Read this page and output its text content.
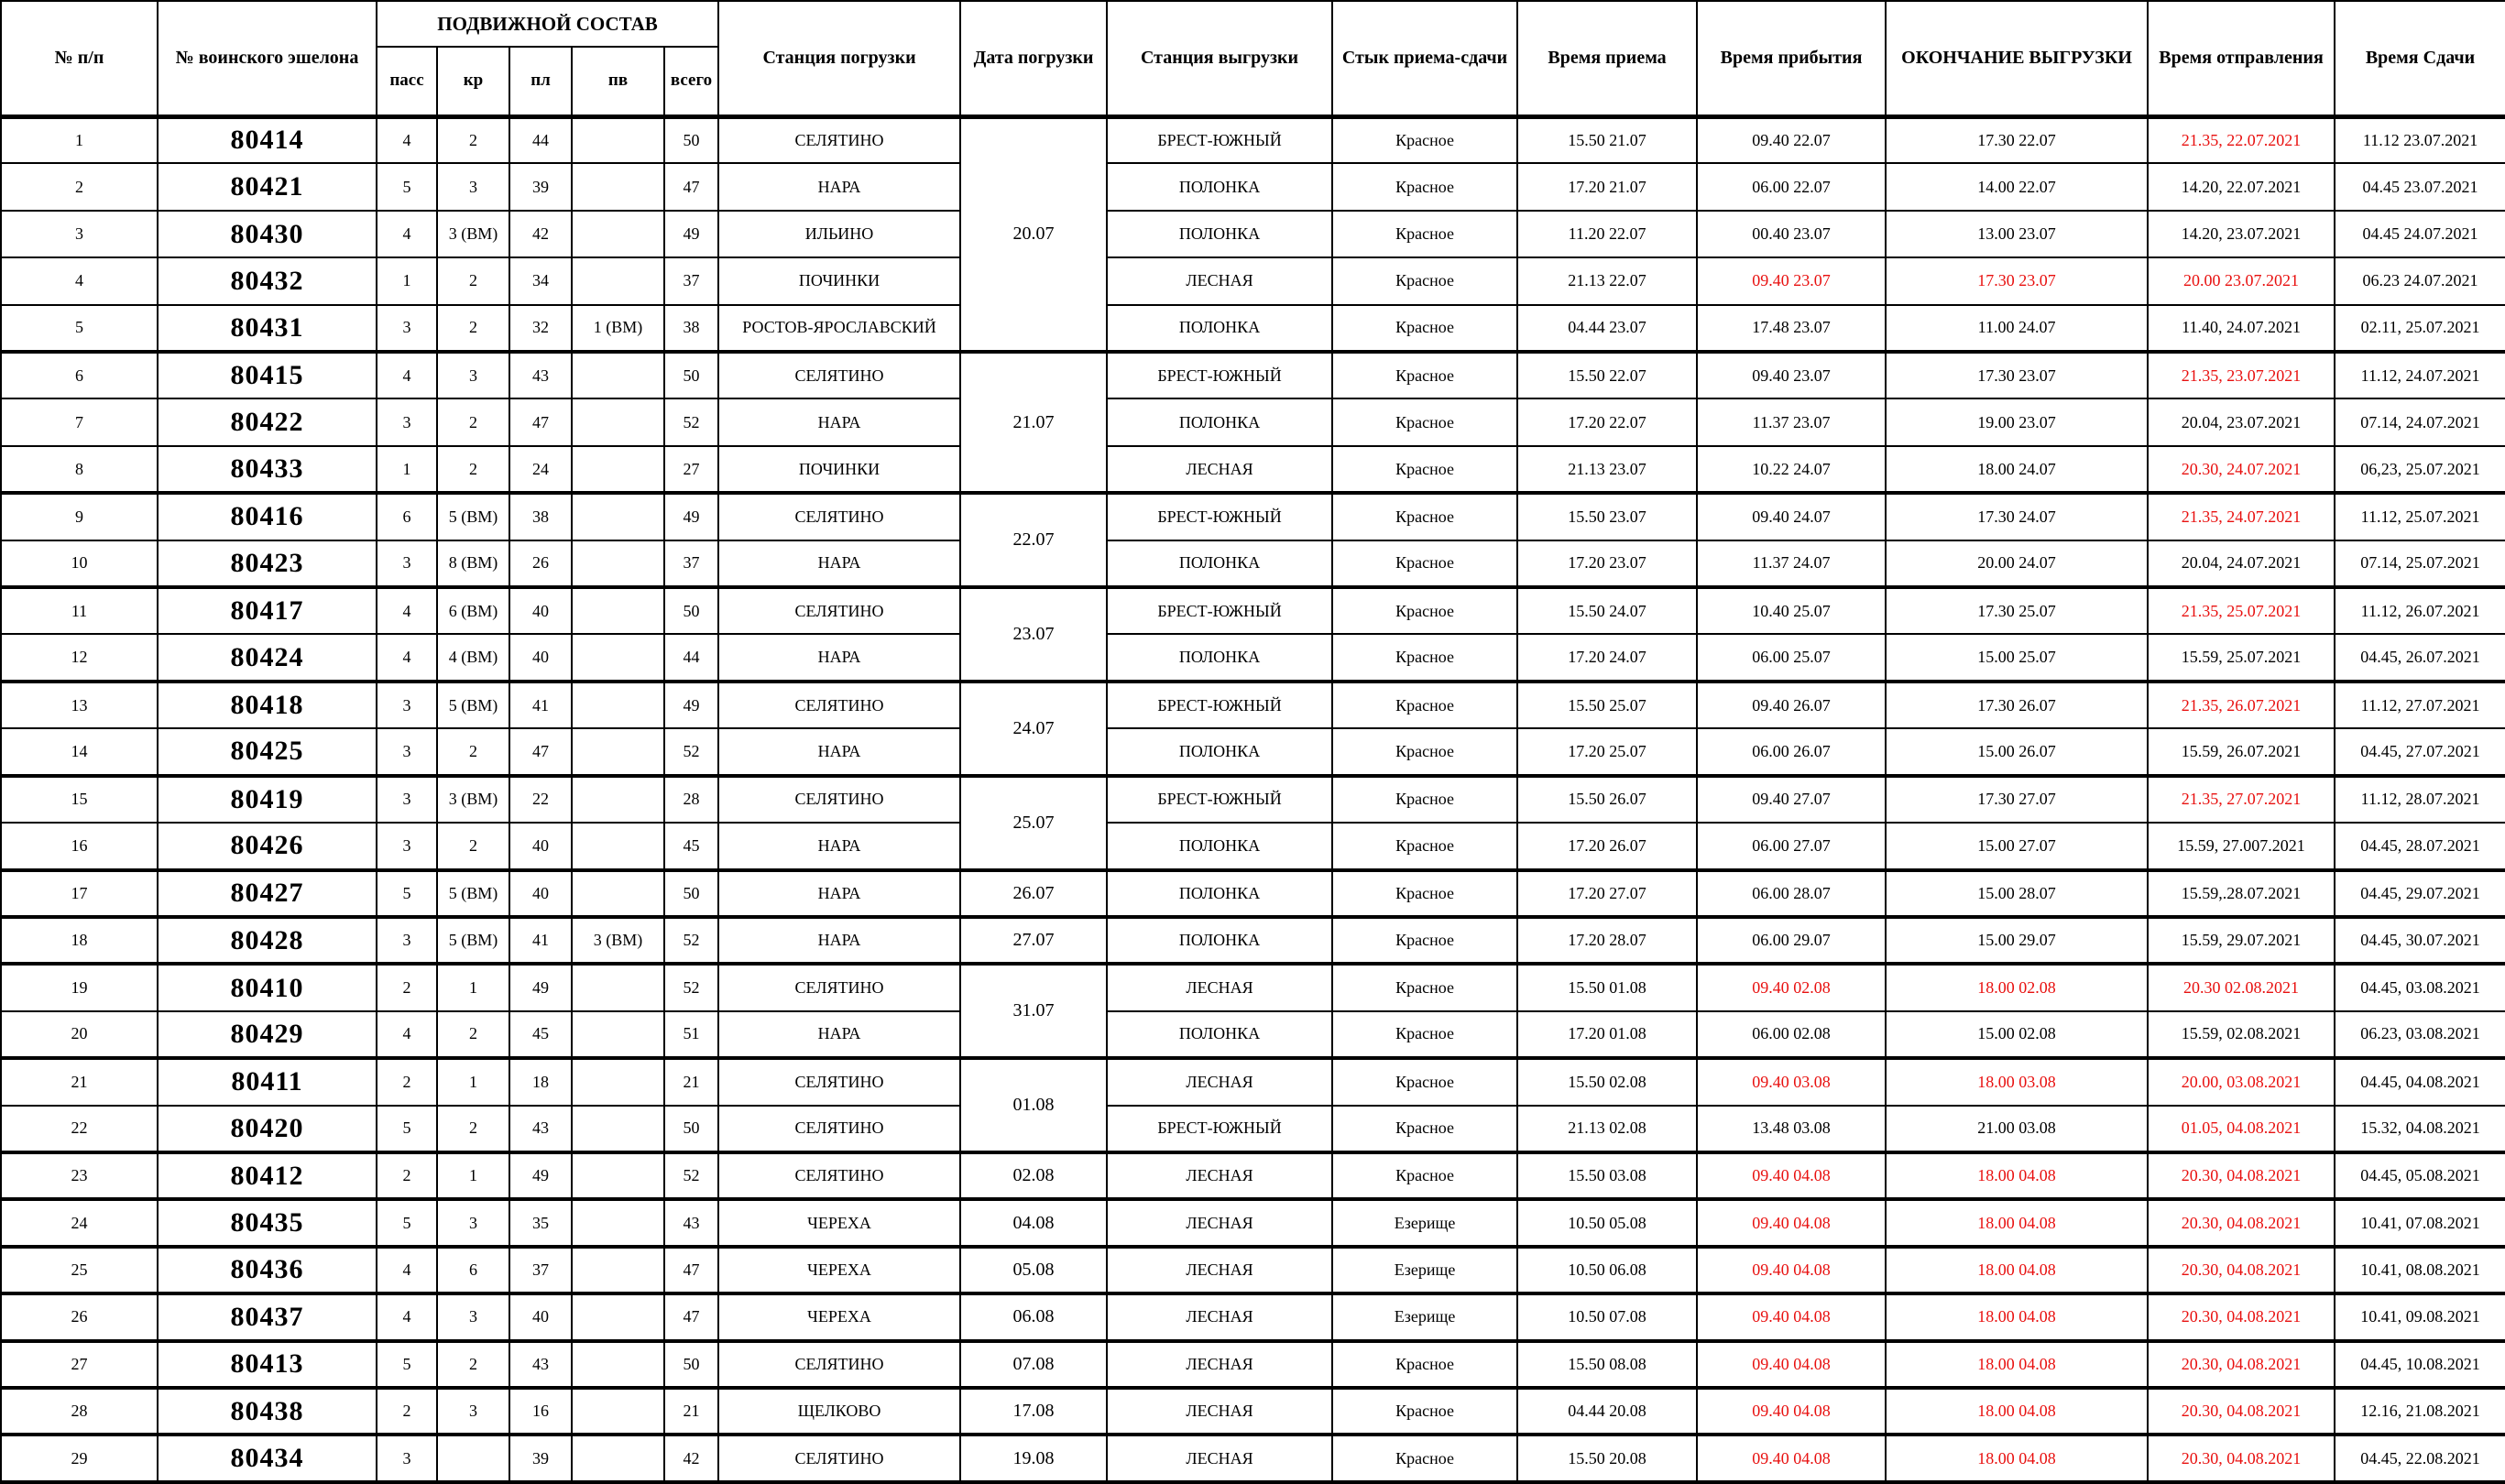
№ п/п	№ воинского эшелона	ПОДВИЖНОЙ СОСТАВ					Станция погрузки	Дата погрузки	Станция выгрузки	Стык приема-сдачи	Время приема	Время прибытия	ОКОНЧАНИЕ ВЫГРУЗКИ	Время отправления	Время Сдачи
		пасс	кр	пл	пв	всего									
1	80414	4	2	44		50	СЕЛЯТИНО	20.07	БРЕСТ-ЮЖНЫЙ	Красное	15.50 21.07	09.40 22.07	17.30 22.07	21.35, 22.07.2021	11.12 23.07.2021
2	80421	5	3	39		47	НАРА		ПОЛОНКА	Красное	17.20 21.07	06.00 22.07	14.00 22.07	14.20, 22.07.2021	04.45 23.07.2021
3	80430	4	3 (ВМ)	42		49	ИЛЬИНО		ПОЛОНКА	Красное	11.20 22.07	00.40 23.07	13.00 23.07	14.20, 23.07.2021	04.45 24.07.2021
4	80432	1	2	34		37	ПОЧИНКИ		ЛЕСНАЯ	Красное	21.13 22.07	09.40 23.07	17.30 23.07	20.00 23.07.2021	06.23 24.07.2021
5	80431	3	2	32	1 (ВМ)	38	РОСТОВ-ЯРОСЛАВСКИЙ		ПОЛОНКА	Красное	04.44 23.07	17.48 23.07	11.00 24.07	11.40, 24.07.2021	02.11, 25.07.2021
6	80415	4	3	43		50	СЕЛЯТИНО	21.07	БРЕСТ-ЮЖНЫЙ	Красное	15.50 22.07	09.40 23.07	17.30 23.07	21.35, 23.07.2021	11.12, 24.07.2021
7	80422	3	2	47		52	НАРА		ПОЛОНКА	Красное	17.20 22.07	11.37 23.07	19.00 23.07	20.04, 23.07.2021	07.14, 24.07.2021
8	80433	1	2	24		27	ПОЧИНКИ		ЛЕСНАЯ	Красное	21.13 23.07	10.22 24.07	18.00 24.07	20.30, 24.07.2021	06,23, 25.07.2021
9	80416	6	5 (ВМ)	38		49	СЕЛЯТИНО	22.07	БРЕСТ-ЮЖНЫЙ	Красное	15.50 23.07	09.40 24.07	17.30 24.07	21.35, 24.07.2021	11.12, 25.07.2021
10	80423	3	8 (ВМ)	26		37	НАРА		ПОЛОНКА	Красное	17.20 23.07	11.37 24.07	20.00 24.07	20.04, 24.07.2021	07.14, 25.07.2021
11	80417	4	6 (ВМ)	40		50	СЕЛЯТИНО	23.07	БРЕСТ-ЮЖНЫЙ	Красное	15.50 24.07	10.40 25.07	17.30 25.07	21.35, 25.07.2021	11.12, 26.07.2021
12	80424	4	4 (ВМ)	40		44	НАРА		ПОЛОНКА	Красное	17.20 24.07	06.00 25.07	15.00 25.07	15.59, 25.07.2021	04.45, 26.07.2021
13	80418	3	5 (ВМ)	41		49	СЕЛЯТИНО	24.07	БРЕСТ-ЮЖНЫЙ	Красное	15.50 25.07	09.40 26.07	17.30 26.07	21.35, 26.07.2021	11.12, 27.07.2021
14	80425	3	2	47		52	НАРА		ПОЛОНКА	Красное	17.20 25.07	06.00 26.07	15.00 26.07	15.59, 26.07.2021	04.45, 27.07.2021
15	80419	3	3 (ВМ)	22		28	СЕЛЯТИНО	25.07	БРЕСТ-ЮЖНЫЙ	Красное	15.50 26.07	09.40 27.07	17.30 27.07	21.35, 27.07.2021	11.12, 28.07.2021
16	80426	3	2	40		45	НАРА		ПОЛОНКА	Красное	17.20 26.07	06.00 27.07	15.00 27.07	15.59, 27.007.2021	04.45, 28.07.2021
17	80427	5	5 (ВМ)	40		50	НАРА	26.07	ПОЛОНКА	Красное	17.20 27.07	06.00 28.07	15.00 28.07	15.59,.28.07.2021	04.45, 29.07.2021
18	80428	3	5 (ВМ)	41	3 (ВМ)	52	НАРА	27.07	ПОЛОНКА	Красное	17.20 28.07	06.00 29.07	15.00 29.07	15.59, 29.07.2021	04.45, 30.07.2021
19	80410	2	1	49		52	СЕЛЯТИНО	31.07	ЛЕСНАЯ	Красное	15.50 01.08	09.40 02.08	18.00 02.08	20.30 02.08.2021	04.45, 03.08.2021
20	80429	4	2	45		51	НАРА		ПОЛОНКА	Красное	17.20 01.08	06.00 02.08	15.00 02.08	15.59, 02.08.2021	06.23, 03.08.2021
21	80411	2	1	18		21	СЕЛЯТИНО	01.08	ЛЕСНАЯ	Красное	15.50 02.08	09.40 03.08	18.00 03.08	20.00, 03.08.2021	04.45, 04.08.2021
22	80420	5	2	43		50	СЕЛЯТИНО		БРЕСТ-ЮЖНЫЙ	Красное	21.13 02.08	13.48 03.08	21.00 03.08	01.05, 04.08.2021	15.32, 04.08.2021
23	80412	2	1	49		52	СЕЛЯТИНО	02.08	ЛЕСНАЯ	Красное	15.50 03.08	09.40 04.08	18.00 04.08	20.30, 04.08.2021	04.45, 05.08.2021
24	80435	5	3	35		43	ЧЕРЕХА	04.08	ЛЕСНАЯ	Езерище	10.50 05.08	09.40 04.08	18.00 04.08	20.30, 04.08.2021	10.41, 07.08.2021
25	80436	4	6	37		47	ЧЕРЕХА	05.08	ЛЕСНАЯ	Езерище	10.50 06.08	09.40 04.08	18.00 04.08	20.30, 04.08.2021	10.41, 08.08.2021
26	80437	4	3	40		47	ЧЕРЕХА	06.08	ЛЕСНАЯ	Езерище	10.50 07.08	09.40 04.08	18.00 04.08	20.30, 04.08.2021	10.41, 09.08.2021
27	80413	5	2	43		50	СЕЛЯТИНО	07.08	ЛЕСНАЯ	Красное	15.50 08.08	09.40 04.08	18.00 04.08	20.30, 04.08.2021	04.45, 10.08.2021
28	80438	2	3	16		21	ЩЕЛКОВО	17.08	ЛЕСНАЯ	Красное	04.44 20.08	09.40 04.08	18.00 04.08	20.30, 04.08.2021	12.16, 21.08.2021
29	80434	3		39		42	СЕЛЯТИНО	19.08	ЛЕСНАЯ	Красное	15.50 20.08	09.40 04.08	18.00 04.08	20.30, 04.08.2021	04.45, 22.08.2021
